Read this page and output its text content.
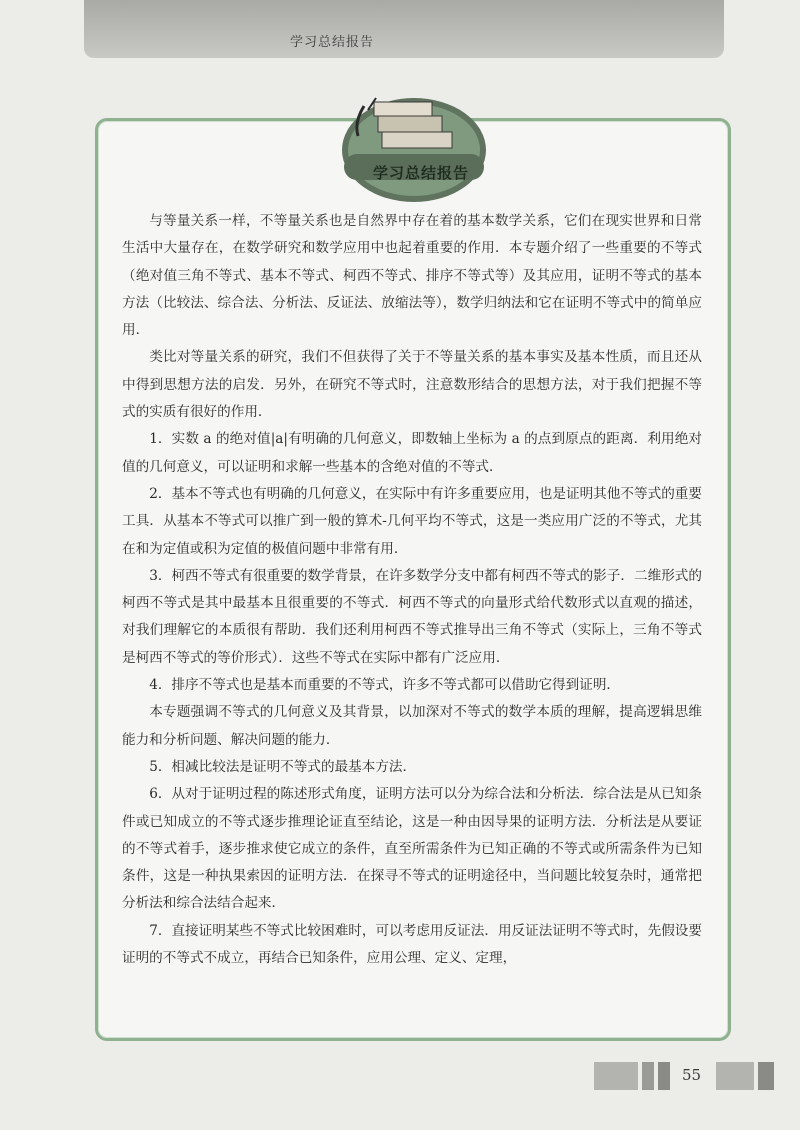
学习总结报告
学习总结报告

与等量关系一样，不等量关系也是自然界中存在着的基本数学关系，它们在现实世界和日常生活中大量存在，在数学研究和数学应用中也起着重要的作用．本专题介绍了一些重要的不等式（绝对值三角不等式、基本不等式、柯西不等式、排序不等式等）及其应用，证明不等式的基本方法（比较法、综合法、分析法、反证法、放缩法等），数学归纳法和它在证明不等式中的简单应用．

类比对等量关系的研究，我们不但获得了关于不等量关系的基本事实及基本性质，而且还从中得到思想方法的启发．另外，在研究不等式时，注意数形结合的思想方法，对于我们把握不等式的实质有很好的作用．

1．实数 a 的绝对值|a|有明确的几何意义，即数轴上坐标为 a 的点到原点的距离．利用绝对值的几何意义，可以证明和求解一些基本的含绝对值的不等式．

2．基本不等式也有明确的几何意义，在实际中有许多重要应用，也是证明其他不等式的重要工具．从基本不等式可以推广到一般的算术-几何平均不等式，这是一类应用广泛的不等式，尤其在和为定值或积为定值的极值问题中非常有用．

3．柯西不等式有很重要的数学背景，在许多数学分支中都有柯西不等式的影子．二维形式的柯西不等式是其中最基本且很重要的不等式．柯西不等式的向量形式给代数形式以直观的描述，对我们理解它的本质很有帮助．我们还利用柯西不等式推导出三角不等式（实际上，三角不等式是柯西不等式的等价形式）．这些不等式在实际中都有广泛应用．

4．排序不等式也是基本而重要的不等式，许多不等式都可以借助它得到证明．

本专题强调不等式的几何意义及其背景，以加深对不等式的数学本质的理解，提高逻辑思维能力和分析问题、解决问题的能力．

5．相减比较法是证明不等式的最基本方法．

6．从对于证明过程的陈述形式角度，证明方法可以分为综合法和分析法．综合法是从已知条件或已知成立的不等式逐步推理论证直至结论，这是一种由因导果的证明方法．分析法是从要证的不等式着手，逐步推求使它成立的条件，直至所需条件为已知正确的不等式或所需条件为已知条件，这是一种执果索因的证明方法．在探寻不等式的证明途径中，当问题比较复杂时，通常把分析法和综合法结合起来．

7．直接证明某些不等式比较困难时，可以考虑用反证法．用反证法证明不等式时，先假设要证明的不等式不成立，再结合已知条件，应用公理、定义、定理，

55
